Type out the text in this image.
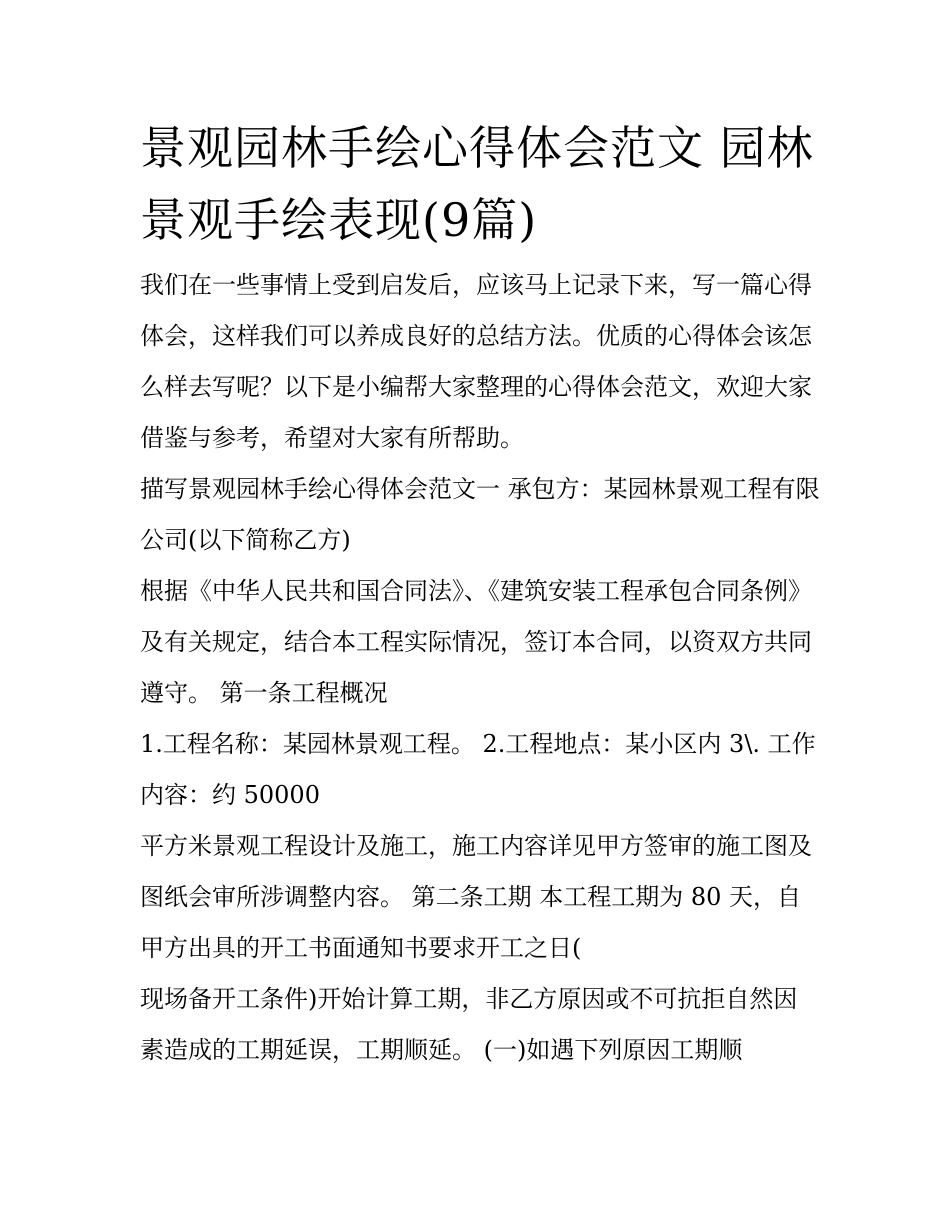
景观园林手绘心得体会范文 园林景观手绘表现(9篇)

我们在一些事情上受到启发后，应该马上记录下来，写一篇心得体会，这样我们可以养成良好的总结方法。优质的心得体会该怎么样去写呢？以下是小编帮大家整理的心得体会范文，欢迎大家借鉴与参考，希望对大家有所帮助。

描写景观园林手绘心得体会范文一 承包方：某园林景观工程有限公司(以下简称乙方)

根据《中华人民共和国合同法》、《建筑安装工程承包合同条例》及有关规定，结合本工程实际情况，签订本合同，以资双方共同遵守。 第一条工程概况

1.工程名称：某园林景观工程。 2.工程地点：某小区内 3\. 工作内容：约 50000

平方米景观工程设计及施工，施工内容详见甲方签审的施工图及图纸会审所涉调整内容。 第二条工期 本工程工期为 80 天，自甲方出具的开工书面通知书要求开工之日(

现场备开工条件)开始计算工期，非乙方原因或不可抗拒自然因素造成的工期延误，工期顺延。 (一)如遇下列原因工期顺
